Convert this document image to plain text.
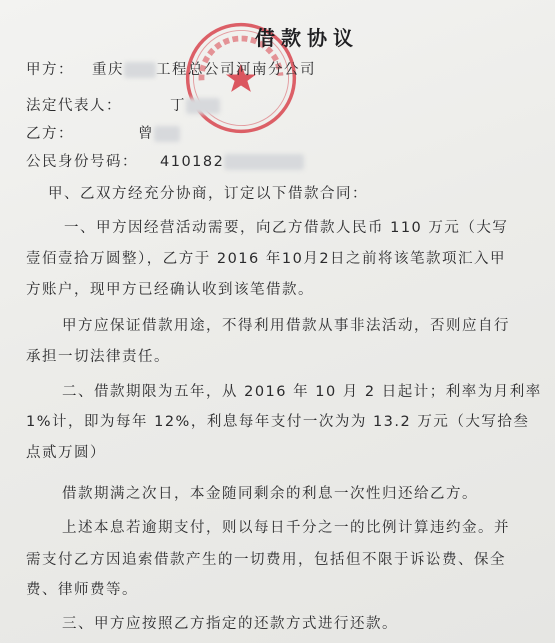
借款协议
甲方： 重庆 工程总公司河南分公司
法定代表人：	丁
乙方：	曾
公民身份号码： 410182
甲、乙双方经充分协商，订定以下借款合同：
一、甲方因经营活动需要，向乙方借款人民币 110 万元（大写
壹佰壹拾万圆整），乙方于 2016 年10月2日之前将该笔款项汇入甲
方账户，现甲方已经确认收到该笔借款。
甲方应保证借款用途，不得利用借款从事非法活动，否则应自行
承担一切法律责任。
二、借款期限为五年，从 2016 年 10 月 2 日起计；利率为月利率
1%计，即为每年 12%，利息每年支付一次为为 13.2 万元（大写拾叁
点贰万圆）
借款期满之次日，本金随同剩余的利息一次性归还给乙方。
上述本息若逾期支付，则以每日千分之一的比例计算违约金。并
需支付乙方因追索借款产生的一切费用，包括但不限于诉讼费、保全
费、律师费等。
三、甲方应按照乙方指定的还款方式进行还款。
